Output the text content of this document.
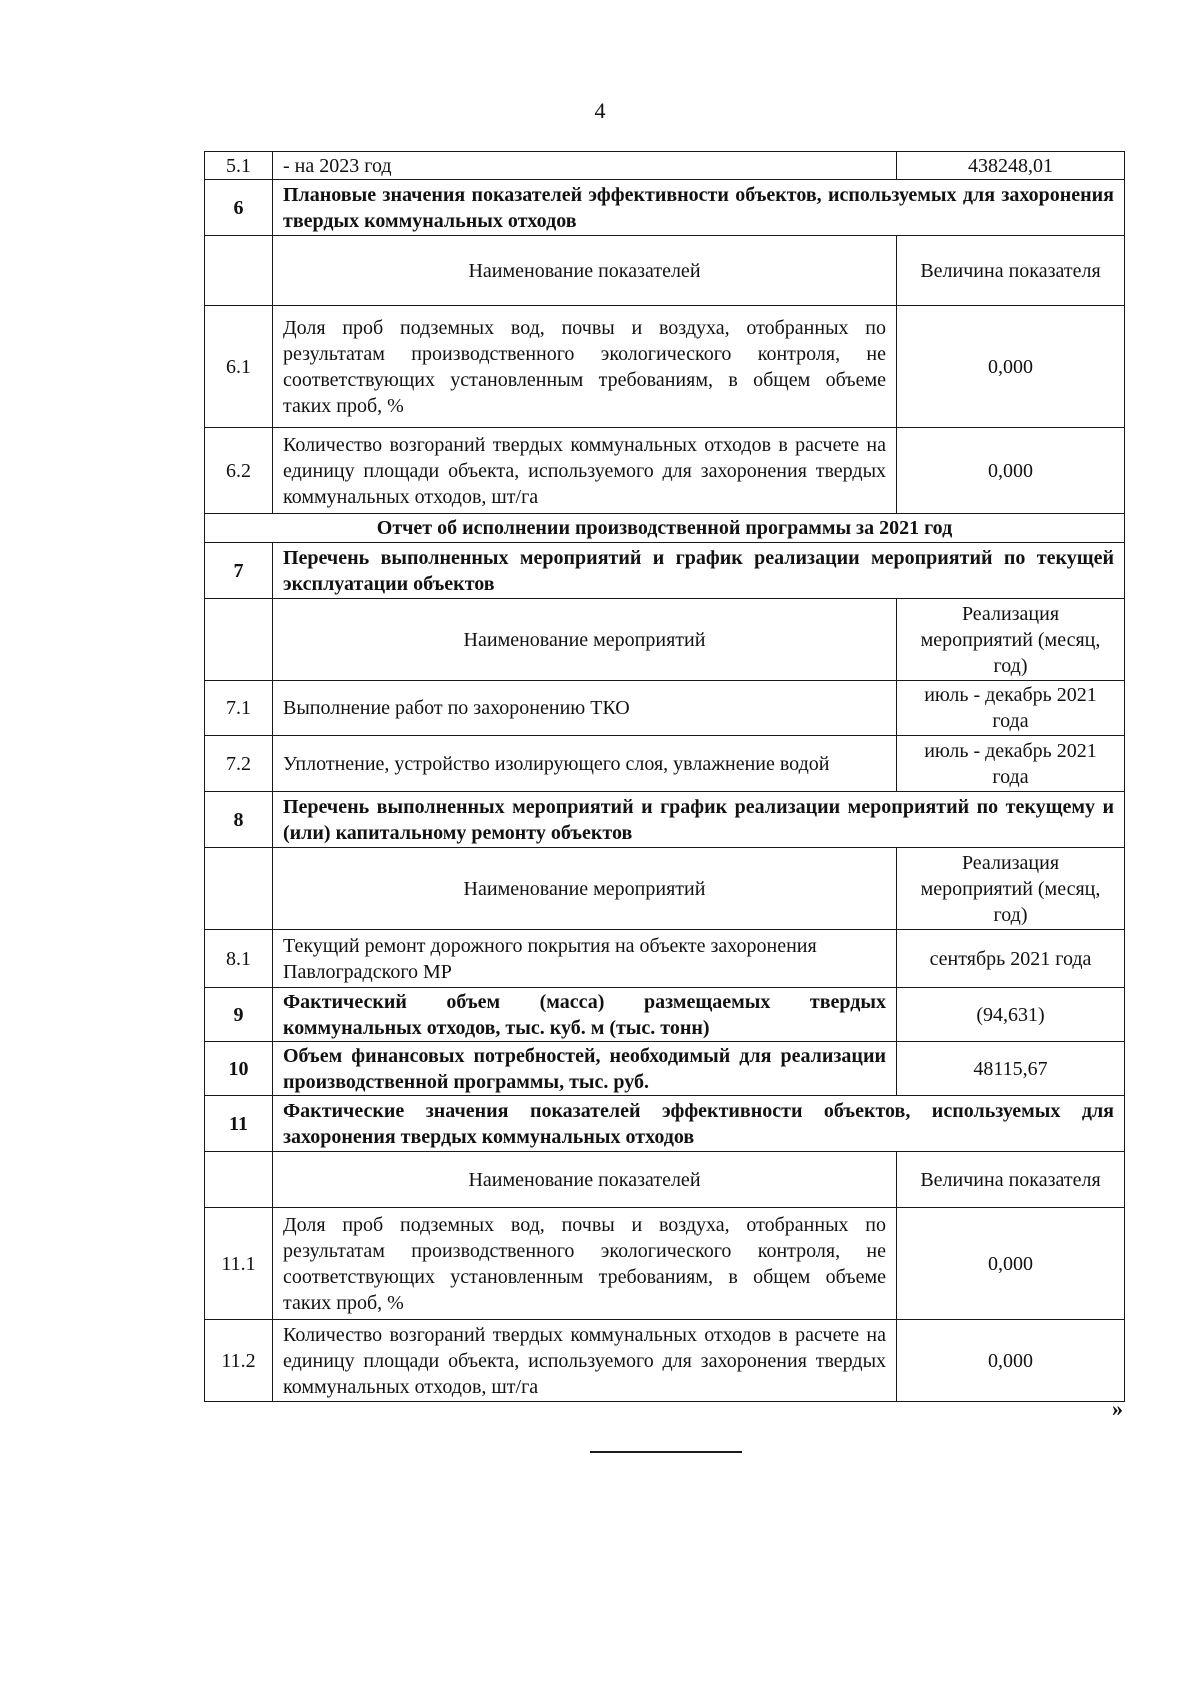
4
5.1	- на 2023 год	438248,01
6	Плановые значения показателей эффективности объектов, используемых для захоронения твердых коммунальных отходов	
	Наименование показателей	Величина показателя
6.1	Доля проб подземных вод, почвы и воздуха, отобранных по результатам производственного экологического контроля, не соответствующих установленным требованиям, в общем объеме таких проб, %	0,000
6.2	Количество возгораний твердых коммунальных отходов в расчете на единицу площади объекта, используемого для захоронения твердых коммунальных отходов, шт/га	0,000
Отчет об исполнении производственной программы за 2021 год		
7	Перечень выполненных мероприятий и график реализации мероприятий по текущей эксплуатации объектов	
	Наименование мероприятий	Реализация мероприятий (месяц, год)
7.1	Выполнение работ по захоронению ТКО	июль - декабрь 2021 года
7.2	Уплотнение, устройство изолирующего слоя, увлажнение водой	июль - декабрь 2021 года
8	Перечень выполненных мероприятий и график реализации мероприятий по текущему и (или) капитальному ремонту объектов	
	Наименование мероприятий	Реализация мероприятий (месяц, год)
8.1	Текущий ремонт дорожного покрытия на объекте захоронения Павлоградского МР	сентябрь 2021 года
9	Фактический объем (масса) размещаемых твердых коммунальных отходов, тыс. куб. м (тыс. тонн)	(94,631)
10	Объем финансовых потребностей, необходимый для реализации производственной программы, тыс. руб.	48115,67
11	Фактические значения показателей эффективности объектов, используемых для захоронения твердых коммунальных отходов	
	Наименование показателей	Величина показателя
11.1	Доля проб подземных вод, почвы и воздуха, отобранных по результатам производственного экологического контроля, не соответствующих установленным требованиям, в общем объеме таких проб, %	0,000
11.2	Количество возгораний твердых коммунальных отходов в расчете на единицу площади объекта, используемого для захоронения твердых коммунальных отходов, шт/га	0,000
»
